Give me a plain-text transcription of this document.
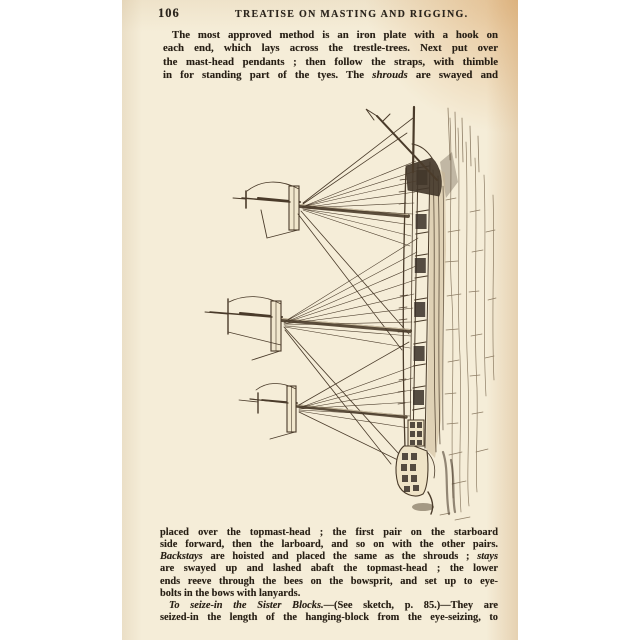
106	TREATISE ON MASTING AND RIGGING.
The most approved method is an iron plate with a hook on
each end, which lays across the trestle-trees. Next put over
the mast-head pendants ; then follow the straps, with thimble
in for standing part of the tyes. The shrouds are swayed and
placed over the topmast-head ; the first pair on the starboard
side forward, then the larboard, and so on with the other pairs.
Backstays are hoisted and placed the same as the shrouds ; stays
are swayed up and lashed abaft the topmast-head ; the lower
ends reeve through the bees on the bowsprit, and set up to eye-
bolts in the bows with lanyards.
To seize-in the Sister Blocks.—(See sketch, p. 85.)—They are
seized-in the length of the hanging-block from the eye-seizing, to
